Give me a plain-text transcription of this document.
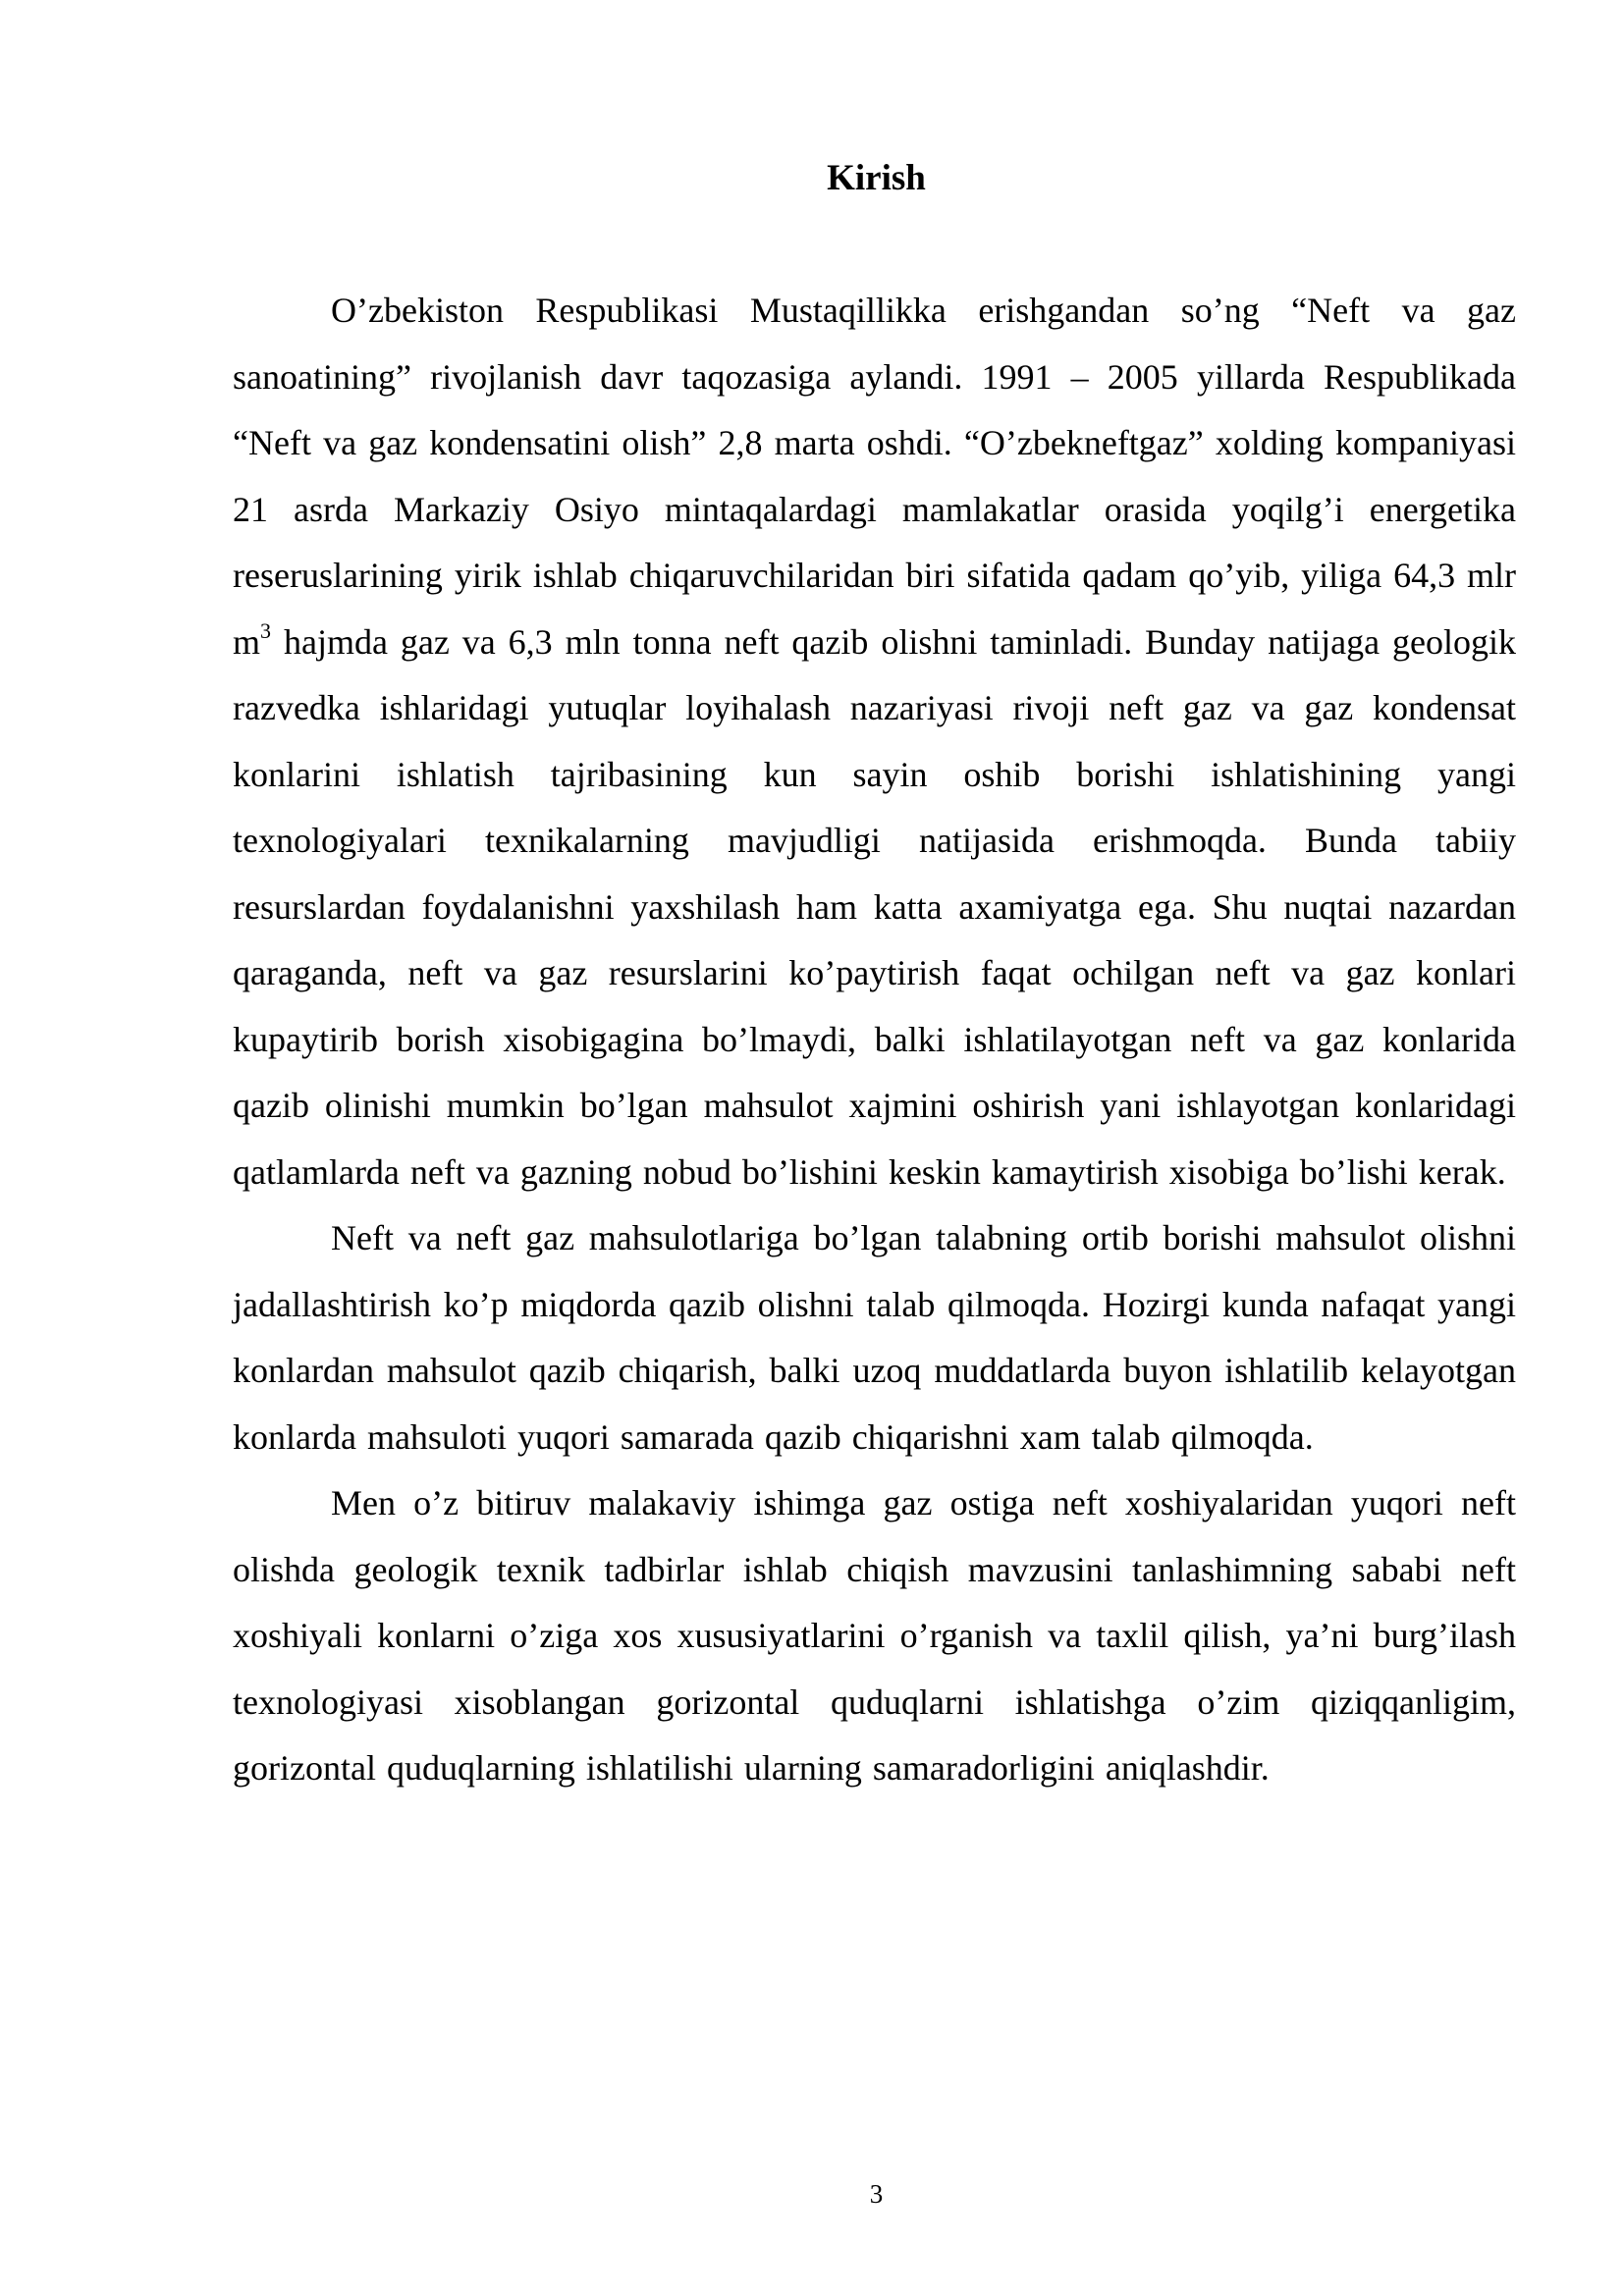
Kirish

O’zbekiston Respublikasi Mustaqillikka erishgandan so’ng “Neft va gaz sanoatining” rivojlanish davr taqozasiga aylandi. 1991 – 2005 yillarda Respublikada “Neft va gaz kondensatini olish” 2,8 marta oshdi. “O’zbekneftgaz” xolding kompaniyasi 21 asrda Markaziy Osiyo mintaqalardagi mamlakatlar orasida yoqilg’i energetika reseruslarining yirik ishlab chiqaruvchilaridan biri sifatida qadam qo’yib, yiliga 64,3 mlr $m^3$ hajmda gaz va 6,3 mln tonna neft qazib olishni taminladi. Bunday natijaga geologik razvedka ishlaridagi yutuqlar loyihalash nazariyasi rivoji neft gaz va gaz kondensat konlarini ishlatish tajribasining kun sayin oshib borishi ishlatishining yangi texnologiyalari texnikalarning mavjudligi natijasida erishmoqda. Bunda tabiiy resurslardan foydalanishni yaxshilash ham katta axamiyatga ega. Shu nuqtai nazardan qaraganda, neft va gaz resurslarini ko’paytirish faqat ochilgan neft va gaz konlari kupaytirib borish xisobigagina bo’lmaydi, balki ishlatilayotgan neft va gaz konlarida qazib olinishi mumkin bo’lgan mahsulot xajmini oshirish yani ishlayotgan konlaridagi qatlamlarda neft va gazning nobud bo’lishini keskin kamaytirish xisobiga bo’lishi kerak.

Neft va neft gaz mahsulotlariga bo’lgan talabning ortib borishi mahsulot olishni jadallashtirish ko’p miqdorda qazib olishni talab qilmoqda. Hozirgi kunda nafaqat yangi konlardan mahsulot qazib chiqarish, balki uzoq muddatlarda buyon ishlatilib kelayotgan konlarda mahsuloti yuqori samarada qazib chiqarishni xam talab qilmoqda.

Men o’z bitiruv malakaviy ishimga gaz ostiga neft xoshiyalaridan yuqori neft olishda geologik texnik tadbirlar ishlab chiqish mavzusini tanlashimning sababi neft xoshiyali konlarni o’ziga xos xususiyatlarini o’rganish va taxlil qilish, ya’ni burg’ilash texnologiyasi xisoblangan gorizontal quduqlarni ishlatishga o’zim qiziqqanligim, gorizontal quduqlarning ishlatilishi ularning samaradorligini aniqlashdir.

3
